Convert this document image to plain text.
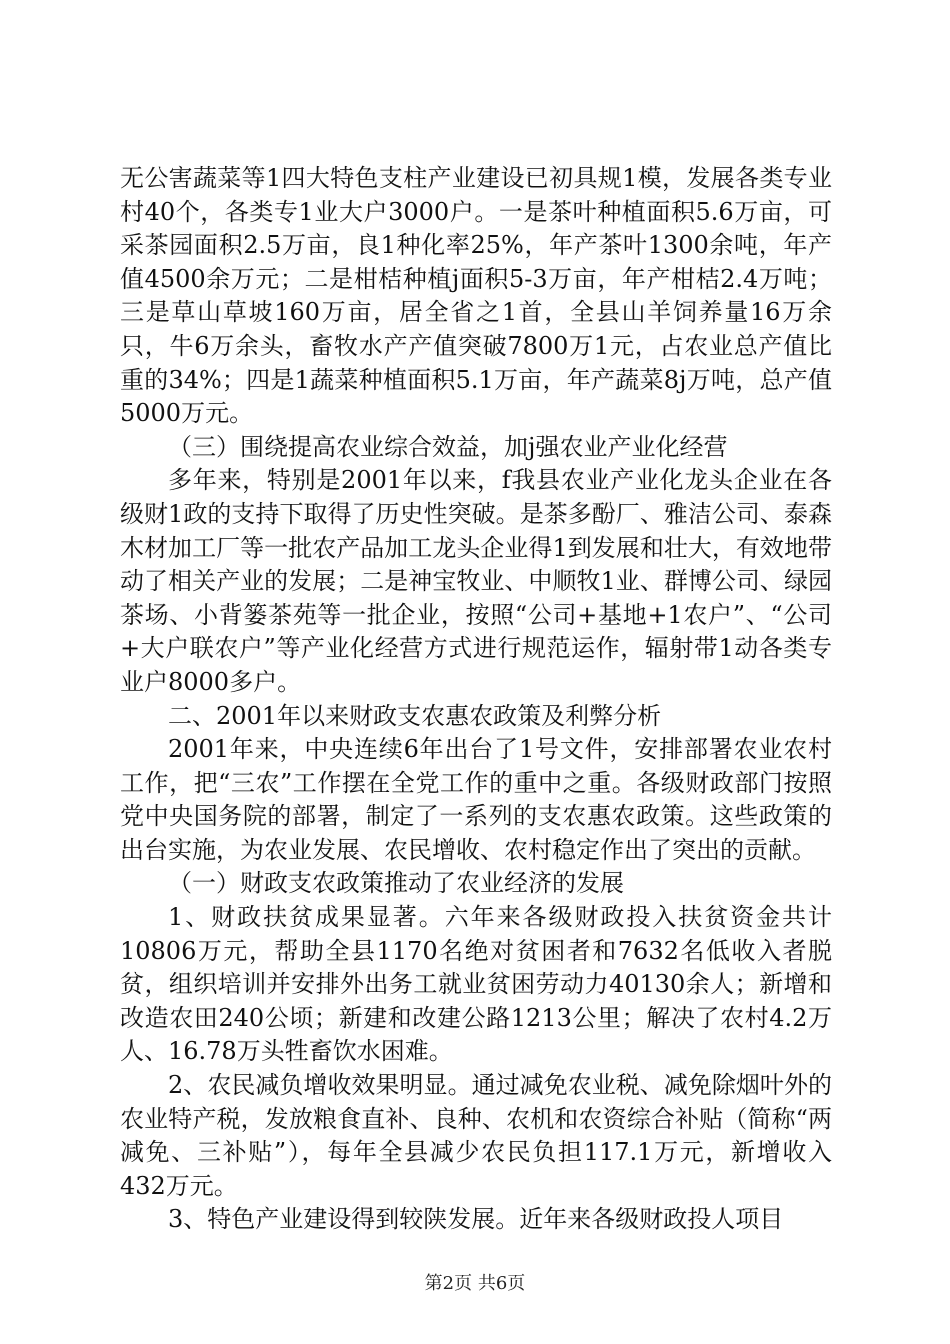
无公害蔬菜等1四大特色支柱产业建设已初具规1模，发展各类专业村40个，各类专1业大户3000户。一是茶叶种植面积5.6万亩，可采茶园面积2.5万亩，良1种化率25%，年产茶叶1300余吨，年产值4500余万元；二是柑桔种植j面积5-3万亩，年产柑桔2.4万吨；三是草山草坡160万亩，居全省之1首，全县山羊饲养量16万余只，牛6万余头，畜牧水产产值突破7800万1元，占农业总产值比重的34%；四是1蔬菜种植面积5.1万亩，年产蔬菜8j万吨，总产值5000万元。

（三）围绕提高农业综合效益，加j强农业产业化经营

多年来，特别是2001年以来，f我县农业产业化龙头企业在各级财1政的支持下取得了历史性突破。是茶多酚厂、雅洁公司、泰森木材加工厂等一批农产品加工龙头企业得1到发展和壮大，有效地带动了相关产业的发展；二是神宝牧业、中顺牧1业、群博公司、绿园茶场、小背篓茶苑等一批企业，按照“公司+基地+1农户”、“公司+大户联农户”等产业化经营方式进行规范运作，辐射带1动各类专业户8000多户。

二、2001年以来财政支农惠农政策及利弊分析

2001年来，中央连续6年出台了1号文件，安排部署农业农村工作，把“三农”工作摆在全党工作的重中之重。各级财政部门按照党中央国务院的部署，制定了一系列的支农惠农政策。这些政策的出台实施，为农业发展、农民增收、农村稳定作出了突出的贡献。

（一）财政支农政策推动了农业经济的发展

1、财政扶贫成果显著。六年来各级财政投入扶贫资金共计10806万元，帮助全县1170名绝对贫困者和7632名低收入者脱贫，组织培训并安排外出务工就业贫困劳动力40130余人；新增和改造农田240公顷；新建和改建公路1213公里；解决了农村4.2万人、16.78万头牲畜饮水困难。

2、农民减负增收效果明显。通过减免农业税、减免除烟叶外的农业特产税，发放粮食直补、良种、农机和农资综合补贴（简称“两减免、三补贴”），每年全县减少农民负担117.1万元，新增收入432万元。

3、特色产业建设得到较陕发展。近年来各级财政投人项目

第2页 共6页
